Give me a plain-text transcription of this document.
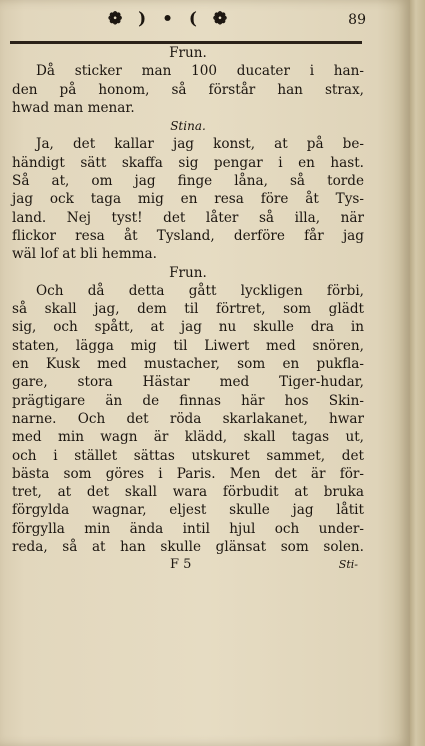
❁ ) • ( ❁	89
Frun.
Då sticker man 100 ducater i han-
den på honom, så förstår han strax,
hwad man menar.
Stina.
Ja, det kallar jag konst, at på be-
händigt sätt skaffa sig pengar i en hast.
Så at, om jag finge låna, så torde
jag ock taga mig en resa före åt Tys-
land. Nej tyst! det låter så illa, när
flickor resa åt Tysland, derföre får jag
wäl lof at bli hemma.
Frun.
Och då detta gått lyckligen förbi,
så skall jag, dem til förtret, som glädt
sig, och spått, at jag nu skulle dra in
staten, lägga mig til Liwert med snören,
en Kusk med mustacher, som en pukfla-
gare, stora Hästar med Tiger-hudar,
prägtigare än de finnas här hos Skin-
narne. Och det röda skarlakanet, hwar
med min wagn är klädd, skall tagas ut,
och i stället sättas utskuret sammet, det
bästa som göres i Paris. Men det är för-
tret, at det skall wara förbudit at bruka
förgylda wagnar, eljest skulle jag låtit
förgylla min ända intil hjul och under-
reda, så at han skulle glänsat som solen.
F 5	Sti-
